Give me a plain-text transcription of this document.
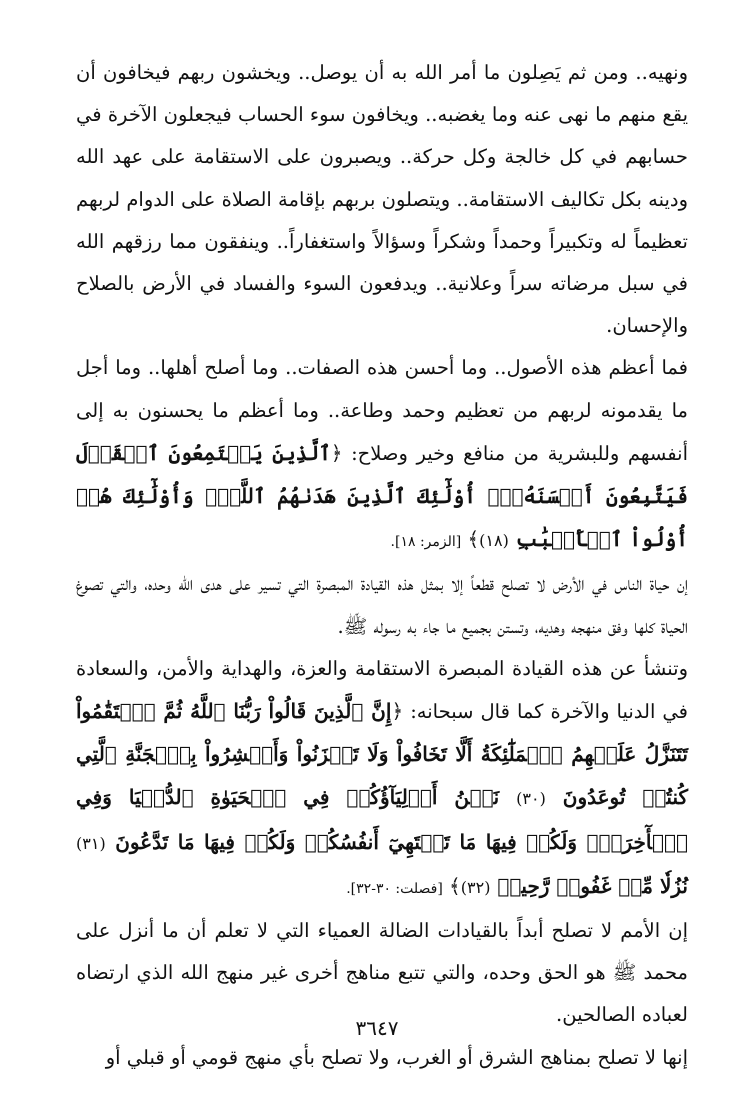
ونهيه.. ومن ثم يَصِلون ما أمر الله به أن يوصل.. ويخشون ربهم فيخافون أن يقع منهم ما نهى عنه وما يغضبه.. ويخافون سوء الحساب فيجعلون الآخرة في حسابهم في كل خالجة وكل حركة.. ويصبرون على الاستقامة على عهد الله ودينه بكل تكاليف الاستقامة.. ويتصلون بربهم بإقامة الصلاة على الدوام لربهم تعظيماً له وتكبيراً وحمداً وشكراً وسؤالاً واستغفاراً.. وينفقون مما رزقهم الله في سبل مرضاته سراً وعلانية.. ويدفعون السوء والفساد في الأرض بالصلاح والإحسان.

فما أعظم هذه الأصول.. وما أحسن هذه الصفات.. وما أصلح أهلها.. وما أجل ما يقدمونه لربهم من تعظيم وحمد وطاعة.. وما أعظم ما يحسنون به إلى أنفسهم وللبشرية من منافع وخير وصلاح: ﴿ٱلَّذِينَ يَسۡتَمِعُونَ ٱلۡقَوۡلَ فَيَتَّبِعُونَ أَحۡسَنَهُۥٓۚ أُوْلَٰٓئِكَ ٱلَّذِينَ هَدَىٰهُمُ ٱللَّهُۖ وَأُوْلَٰٓئِكَ هُمۡ أُوْلُواْ ٱلۡأَلۡبَٰبِ (١٨)﴾ [الزمر: ١٨].

إن حياة الناس في الأرض لا تصلح قطعاً إلا بمثل هذه القيادة المبصرة التي تسير على هدى الله وحده، والتي تصوغ الحياة كلها وفق منهجه وهديه، وتستن بجميع ما جاء به رسوله ﷺ.

وتنشأ عن هذه القيادة المبصرة الاستقامة والعزة، والهداية والأمن، والسعادة في الدنيا والآخرة كما قال سبحانه: ﴿إِنَّ ٱلَّذِينَ قَالُواْ رَبُّنَا ٱللَّهُ ثُمَّ ٱسۡتَقَٰمُواْ تَتَنَزَّلُ عَلَيۡهِمُ ٱلۡمَلَٰٓئِكَةُ أَلَّا تَخَافُواْ وَلَا تَحۡزَنُواْ وَأَبۡشِرُواْ بِٱلۡجَنَّةِ ٱلَّتِي كُنتُمۡ تُوعَدُونَ (٣٠) نَحۡنُ أَوۡلِيَآؤُكُمۡ فِي ٱلۡحَيَوٰةِ ٱلدُّنۡيَا وَفِي ٱلۡأٓخِرَةِۖ وَلَكُمۡ فِيهَا مَا تَشۡتَهِيٓ أَنفُسُكُمۡ وَلَكُمۡ فِيهَا مَا تَدَّعُونَ (٣١) نُزُلٗا مِّنۡ غَفُورٖ رَّحِيمٖ (٣٢)﴾ [فصلت: ٣٠-٣٢].

إن الأمم لا تصلح أبداً بالقيادات الضالة العمياء التي لا تعلم أن ما أنزل على محمد ﷺ هو الحق وحده، والتي تتبع مناهج أخرى غير منهج الله الذي ارتضاه لعباده الصالحين.

إنها لا تصلح بمناهج الشرق أو الغرب، ولا تصلح بأي منهج قومي أو قبلي أو

٣٦٤٧
